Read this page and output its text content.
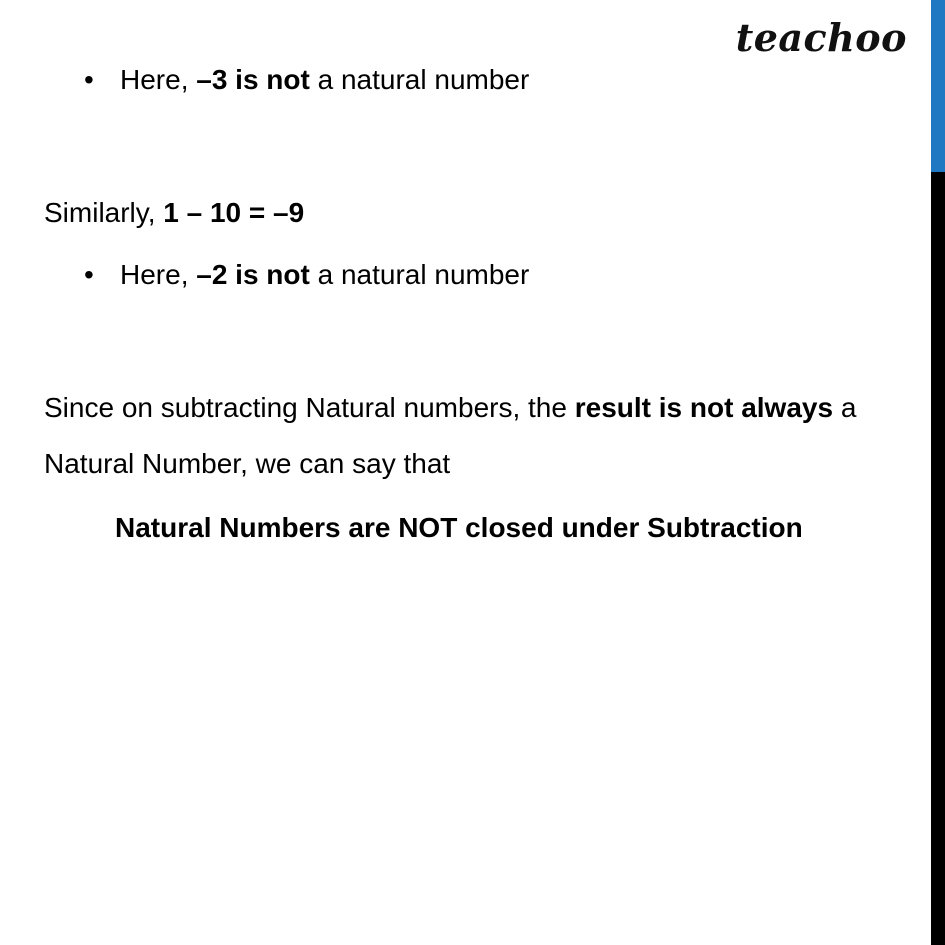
teachoo
• Here, –3 is not a natural number
Similarly, 1 – 10 = –9
• Here, –2 is not a natural number
Since on subtracting Natural numbers, the result is not always a
Natural Number, we can say that
Natural Numbers are NOT closed under Subtraction
